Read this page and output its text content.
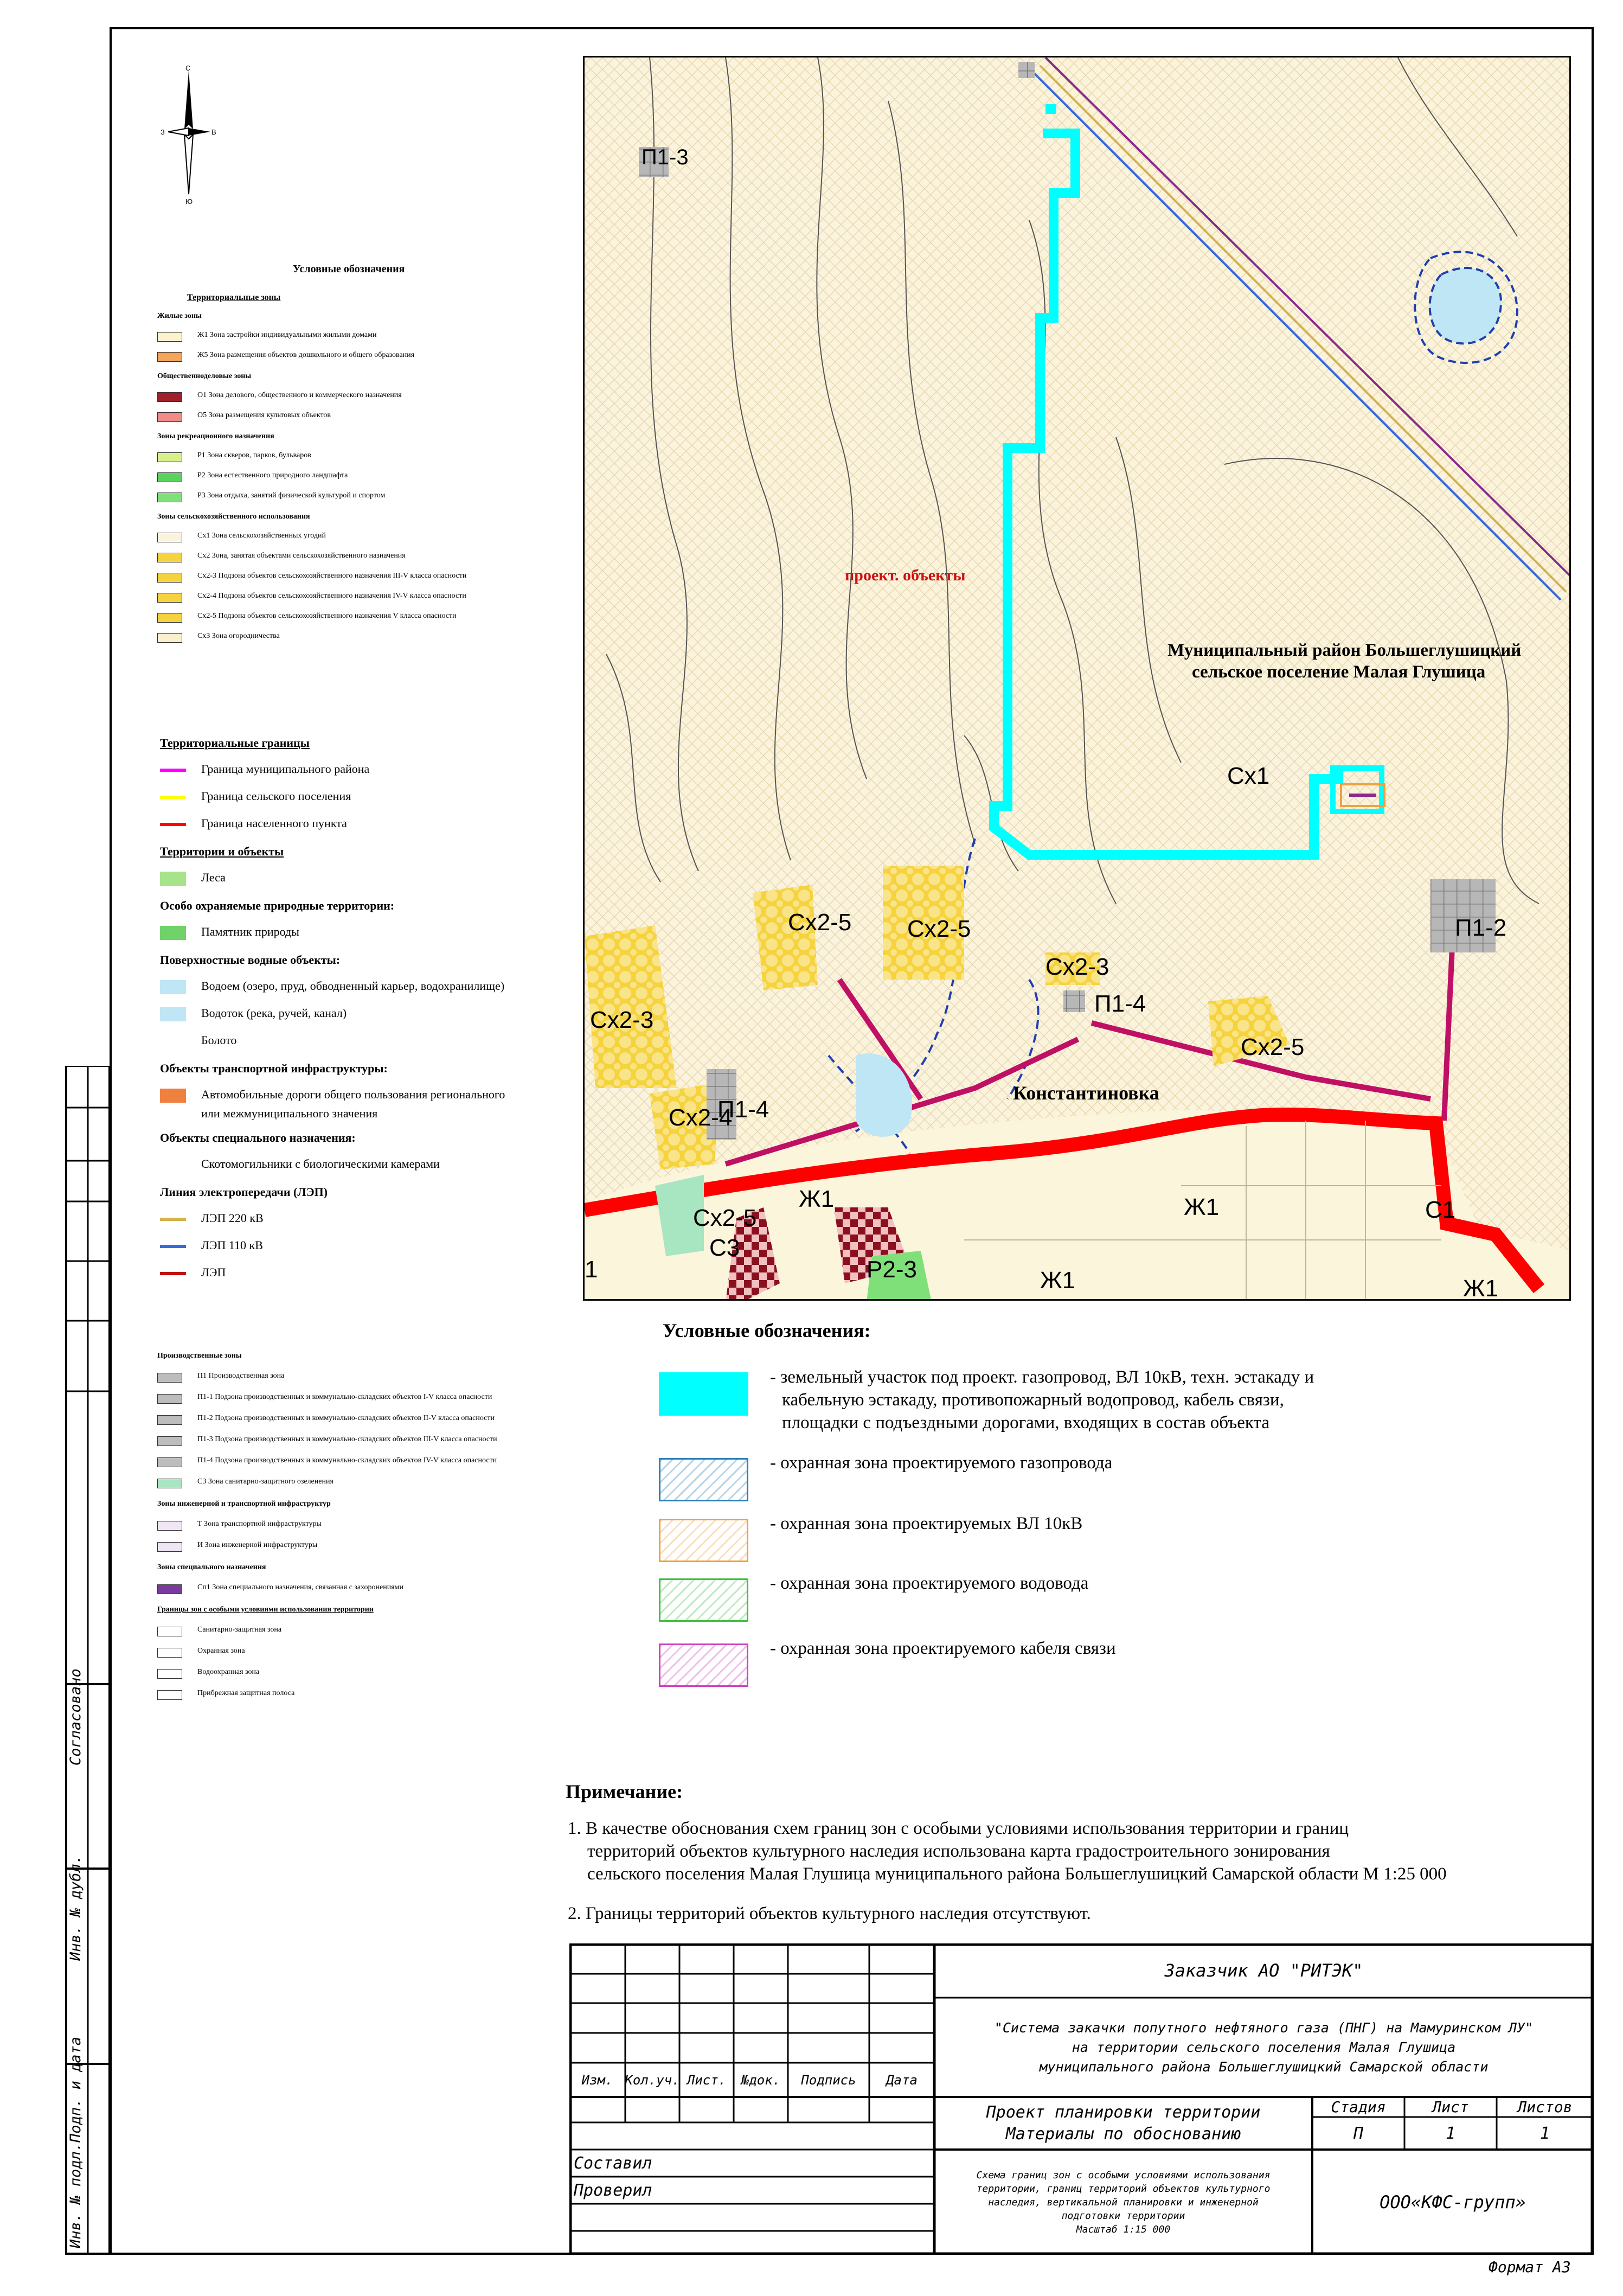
Согласовано
Инв. № дубл.
Подп. и дата
Инв. № подл.
С
Ю
З	В
Условные обозначения
Территориальные зоны
Жилые зоны
Ж1 Зона застройки индивидуальными жилыми домами
Ж5 Зона размещения объектов дошкольного и общего образования
Общественноделовые зоны
О1 Зона делового, общественного и коммерческого назначения
О5 Зона размещения культовых объектов
Зоны рекреационного назначения
Р1 Зона скверов, парков, бульваров
Р2 Зона естественного природного ландшафта
Р3 Зона отдыха, занятий физической культурой и спортом
Зоны сельскохозяйственного использования
Сх1 Зона сельскохозяйственных угодий
Сх2 Зона, занятая объектами сельскохозяйственного назначения
Сх2-3 Подзона объектов сельскохозяйственного назначения III-V класса опасности
Сх2-4 Подзона объектов сельскохозяйственного назначения IV-V класса опасности
Сх2-5 Подзона объектов сельскохозяйственного назначения V класса опасности
Сх3 Зона огородничества
Территориальные границы
Граница муниципального района
Граница сельского поселения
Граница населенного пункта
Территории и объекты
Леса
Особо охраняемые природные территории:
Памятник природы
Поверхностные водные объекты:
Водоем (озеро, пруд, обводненный карьер, водохранилище)
Водоток (река, ручей, канал)
Болото
Объекты транспортной инфраструктуры:
Автомобильные дороги общего пользования регионального
или межмуниципального значения
Объекты специального назначения:
Скотомогильники с биологическими камерами
Линия электропередачи (ЛЭП)
ЛЭП 220 кВ
ЛЭП 110 кВ
ЛЭП
Производственные зоны
П1 Производственная зона
П1-1 Подзона производственных и коммунально-складских объектов I-V класса опасности
П1-2 Подзона производственных и коммунально-складских объектов II-V класса опасности
П1-3 Подзона производственных и коммунально-складских объектов III-V класса опасности
П1-4 Подзона производственных и коммунально-складских объектов IV-V класса опасности
С3 Зона санитарно-защитного озеленения
Зоны инженерной и транспортной инфраструктур
Т Зона транспортной инфраструктуры
И Зона инженерной инфраструктуры
Зоны специального назначения
Сп1 Зона специального назначения, связанная с захоронениями
Границы зон с особыми условиями использования территории
Санитарно-защитная зона
Охранная зона
Водоохранная зона
Прибрежная защитная полоса
П1-3
проект. объекты
Муниципальный район Большеглушицкий
сельское поселение Малая Глушица
Сх1
Сх2-5 Сх2-5
Сх2-3
П1-4
П1-2
Сх2-3
Сх2-5
Константиновка
Сх2-4
П1-4
Ж1
Сх2-5
С3
Ж1	С1
Р2-3	Ж1	Ж1
1
Условные обозначения:
- земельный участок под проект. газопровод, ВЛ 10кВ, техн. эстакаду и
кабельную эстакаду, противопожарный водопровод, кабель связи,
площадки с подъездными дорогами, входящих в состав объекта
- охранная зона проектируемого газопровода
- охранная зона проектируемых ВЛ 10кВ
- охранная зона проектируемого водовода
- охранная зона проектируемого кабеля связи
Примечание:
1. В качестве обоснования схем границ зон с особыми условиями использования территории и границ
территорий объектов культурного наследия использована карта градостроительного зонирования
сельского поселения Малая Глушица муниципального района Большеглушицкий Самарской области М 1:25 000
2. Границы территорий объектов культурного наследия отсутствуют.
Изм. Кол.уч. Лист.	№док.	Подпись	Дата
Составил
Проверил
Заказчик АО "РИТЭК"
"Система закачки попутного нефтяного газа (ПНГ) на Мамуринском ЛУ"
на территории сельского поселения Малая Глушица
муниципального района Большеглушицкий Самарской области
Проект планировки территории
Материалы по обоснованию
Стадия	Лист	Листов
П	1	1
Схема границ зон с особыми условиями использования
территории, границ территорий объектов культурного
наследия, вертикальной планировки и инженерной
подготовки территории
Масштаб 1:15 000
ООО«КФС-групп»
Формат А3
